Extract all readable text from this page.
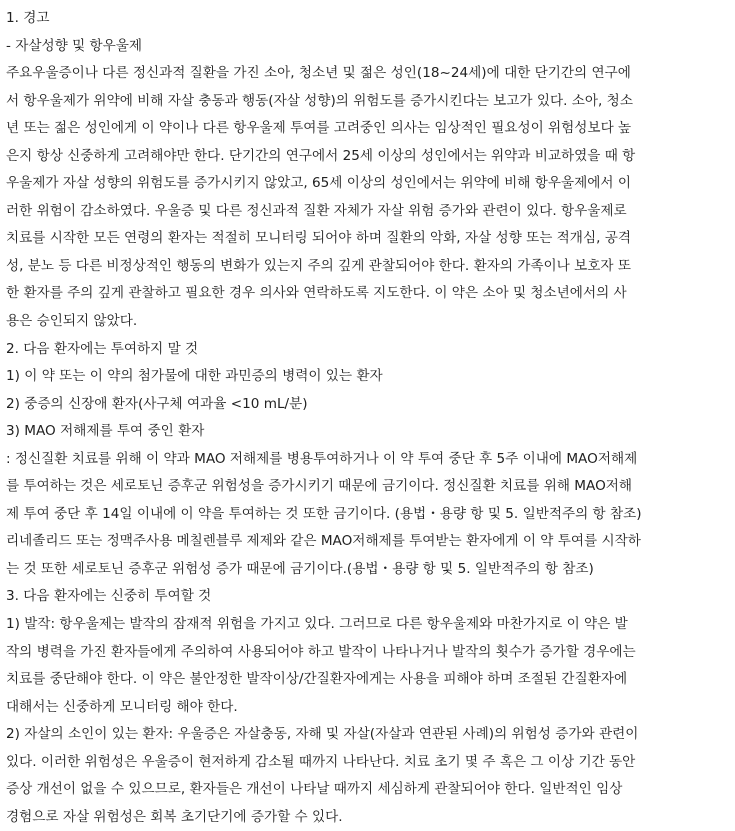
1. 경고
- 자살성향 및 항우울제
주요우울증이나 다른 정신과적 질환을 가진 소아, 청소년 및 젊은 성인(18~24세)에 대한 단기간의 연구에
서 항우울제가 위약에 비해 자살 충동과 행동(자살 성향)의 위험도를 증가시킨다는 보고가 있다. 소아, 청소
년 또는 젊은 성인에게 이 약이나 다른 항우울제 투여를 고려중인 의사는 임상적인 필요성이 위험성보다 높
은지 항상 신중하게 고려해야만 한다. 단기간의 연구에서 25세 이상의 성인에서는 위약과 비교하였을 때 항
우울제가 자살 성향의 위험도를 증가시키지 않았고, 65세 이상의 성인에서는 위약에 비해 항우울제에서 이
러한 위험이 감소하였다. 우울증 및 다른 정신과적 질환 자체가 자살 위험 증가와 관련이 있다. 항우울제로
치료를 시작한 모든 연령의 환자는 적절히 모니터링 되어야 하며 질환의 악화, 자살 성향 또는 적개심, 공격
성, 분노 등 다른 비정상적인 행동의 변화가 있는지 주의 깊게 관찰되어야 한다. 환자의 가족이나 보호자 또
한 환자를 주의 깊게 관찰하고 필요한 경우 의사와 연락하도록 지도한다. 이 약은 소아 및 청소년에서의 사
용은 승인되지 않았다.
2. 다음 환자에는 투여하지 말 것
1) 이 약 또는 이 약의 첨가물에 대한 과민증의 병력이 있는 환자
2) 중증의 신장애 환자(사구체 여과율 <10 mL/분)
3) MAO 저해제를 투여 중인 환자
: 정신질환 치료를 위해 이 약과 MAO 저해제를 병용투여하거나 이 약 투여 중단 후 5주 이내에 MAO저해제
를 투여하는 것은 세로토닌 증후군 위험성을 증가시키기 때문에 금기이다. 정신질환 치료를 위해 MAO저해
제 투여 중단 후 14일 이내에 이 약을 투여하는 것 또한 금기이다. (용법・용량 항 및 5. 일반적주의 항 참조)
리네졸리드 또는 정맥주사용 메칠렌블루 제제와 같은 MAO저해제를 투여받는 환자에게 이 약 투여를 시작하
는 것 또한 세로토닌 증후군 위험성 증가 때문에 금기이다.(용법・용량 항 및 5. 일반적주의 항 참조)
3. 다음 환자에는 신중히 투여할 것
1) 발작: 항우울제는 발작의 잠재적 위험을 가지고 있다. 그러므로 다른 항우울제와 마찬가지로 이 약은 발
작의 병력을 가진 환자들에게 주의하여 사용되어야 하고 발작이 나타나거나 발작의 횟수가 증가할 경우에는
치료를 중단해야 한다. 이 약은 불안정한 발작이상/간질환자에게는 사용을 피해야 하며 조절된 간질환자에
대해서는 신중하게 모니터링 해야 한다.
2) 자살의 소인이 있는 환자: 우울증은 자살충동, 자해 및 자살(자살과 연관된 사례)의 위험성 증가와 관련이
있다. 이러한 위험성은 우울증이 현저하게 감소될 때까지 나타난다. 치료 초기 몇 주 혹은 그 이상 기간 동안
증상 개선이 없을 수 있으므로, 환자들은 개선이 나타날 때까지 세심하게 관찰되어야 한다. 일반적인 임상
경험으로 자살 위험성은 회복 초기단기에 증가할 수 있다.
